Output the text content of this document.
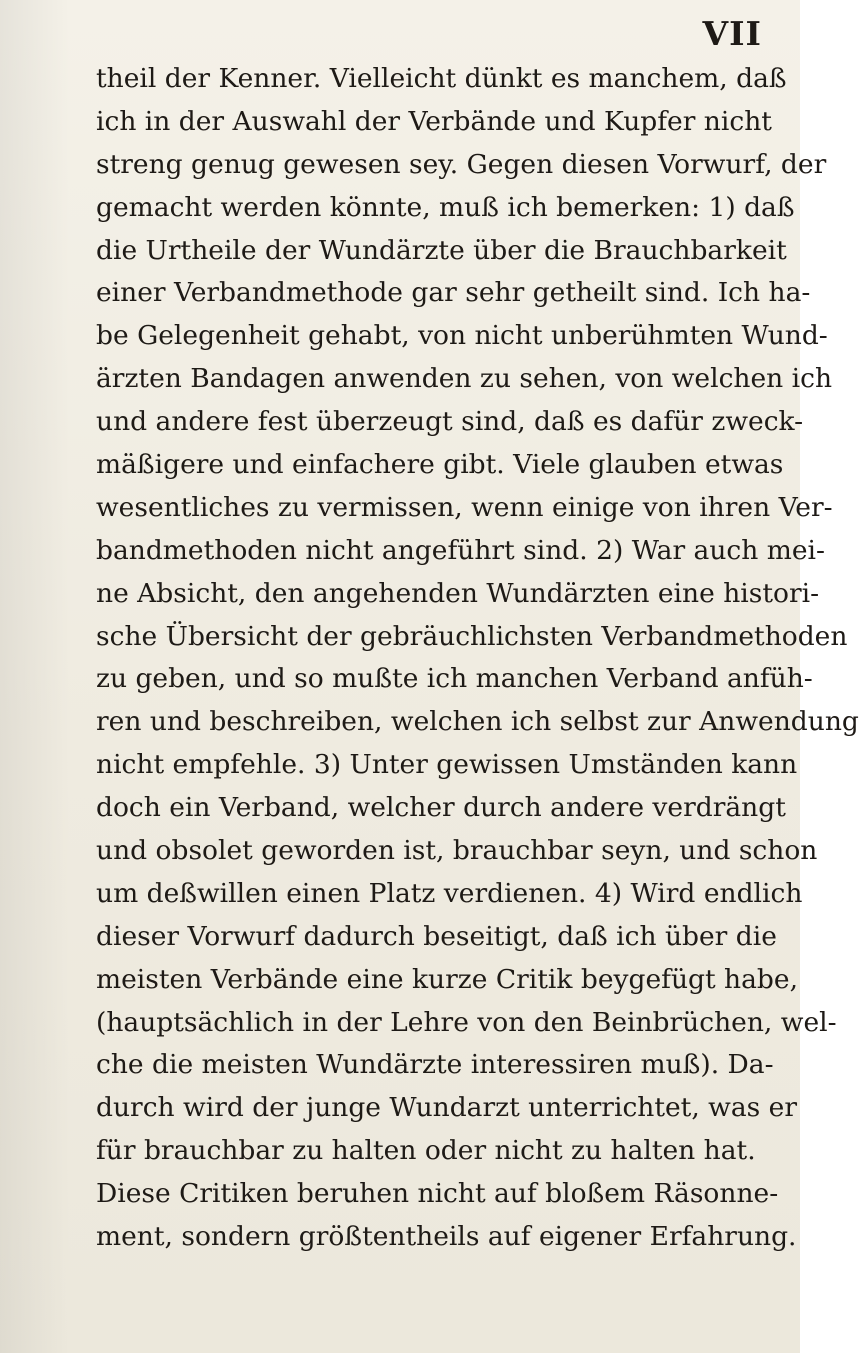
VII
theil der Kenner. Vielleicht dünkt es manchem, daß
ich in der Auswahl der Verbände und Kupfer nicht
streng genug gewesen sey. Gegen diesen Vorwurf, der
gemacht werden könnte, muß ich bemerken: 1) daß
die Urtheile der Wundärzte über die Brauchbarkeit
einer Verbandmethode gar sehr getheilt sind. Ich ha-
be Gelegenheit gehabt, von nicht unberühmten Wund-
ärzten Bandagen anwenden zu sehen, von welchen ich
und andere fest überzeugt sind, daß es dafür zweck-
mäßigere und einfachere gibt. Viele glauben etwas
wesentliches zu vermissen, wenn einige von ihren Ver-
bandmethoden nicht angeführt sind. 2) War auch mei-
ne Absicht, den angehenden Wundärzten eine histori-
sche Übersicht der gebräuchlichsten Verbandmethoden
zu geben, und so mußte ich manchen Verband anfüh-
ren und beschreiben, welchen ich selbst zur Anwendung
nicht empfehle. 3) Unter gewissen Umständen kann
doch ein Verband, welcher durch andere verdrängt
und obsolet geworden ist, brauchbar seyn, und schon
um deßwillen einen Platz verdienen. 4) Wird endlich
dieser Vorwurf dadurch beseitigt, daß ich über die
meisten Verbände eine kurze Critik beygefügt habe,
(hauptsächlich in der Lehre von den Beinbrüchen, wel-
che die meisten Wundärzte interessiren muß). Da-
durch wird der junge Wundarzt unterrichtet, was er
für brauchbar zu halten oder nicht zu halten hat.
Diese Critiken beruhen nicht auf bloßem Räsonne-
ment, sondern größtentheils auf eigener Erfahrung.
